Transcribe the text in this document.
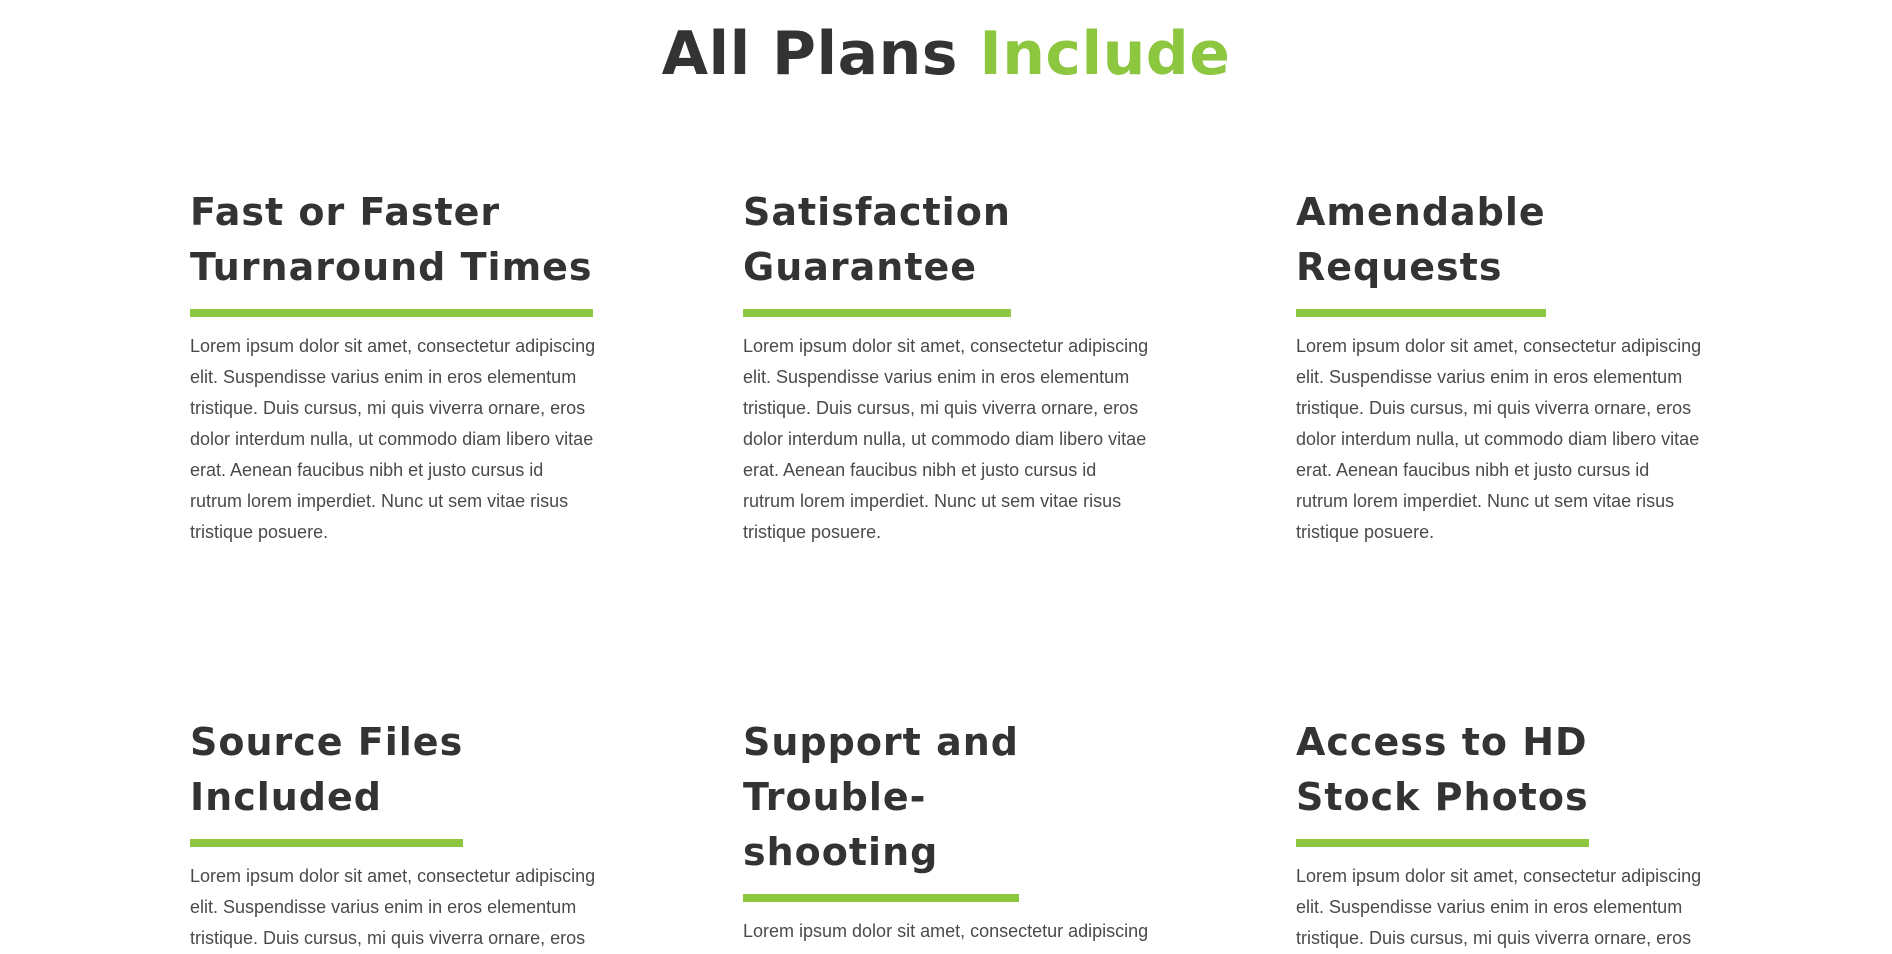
All Plans Include
Fast or Faster
Turnaround Times

Lorem ipsum dolor sit amet, consectetur adipiscing elit. Suspendisse varius enim in eros elementum tristique. Duis cursus, mi quis viverra ornare, eros dolor interdum nulla, ut commodo diam libero vitae erat. Aenean faucibus nibh et justo cursus id rutrum lorem imperdiet. Nunc ut sem vitae risus tristique posuere.

Satisfaction
Guarantee

Lorem ipsum dolor sit amet, consectetur adipiscing elit. Suspendisse varius enim in eros elementum tristique. Duis cursus, mi quis viverra ornare, eros dolor interdum nulla, ut commodo diam libero vitae erat. Aenean faucibus nibh et justo cursus id rutrum lorem imperdiet. Nunc ut sem vitae risus tristique posuere.

Amendable
Requests

Lorem ipsum dolor sit amet, consectetur adipiscing elit. Suspendisse varius enim in eros elementum tristique. Duis cursus, mi quis viverra ornare, eros dolor interdum nulla, ut commodo diam libero vitae erat. Aenean faucibus nibh et justo cursus id rutrum lorem imperdiet. Nunc ut sem vitae risus tristique posuere.

Source Files
Included

Lorem ipsum dolor sit amet, consectetur adipiscing elit. Suspendisse varius enim in eros elementum tristique. Duis cursus, mi quis viverra ornare, eros

Support and
Trouble-
shooting

Lorem ipsum dolor sit amet, consectetur adipiscing

Access to HD
Stock Photos

Lorem ipsum dolor sit amet, consectetur adipiscing elit. Suspendisse varius enim in eros elementum tristique. Duis cursus, mi quis viverra ornare, eros
